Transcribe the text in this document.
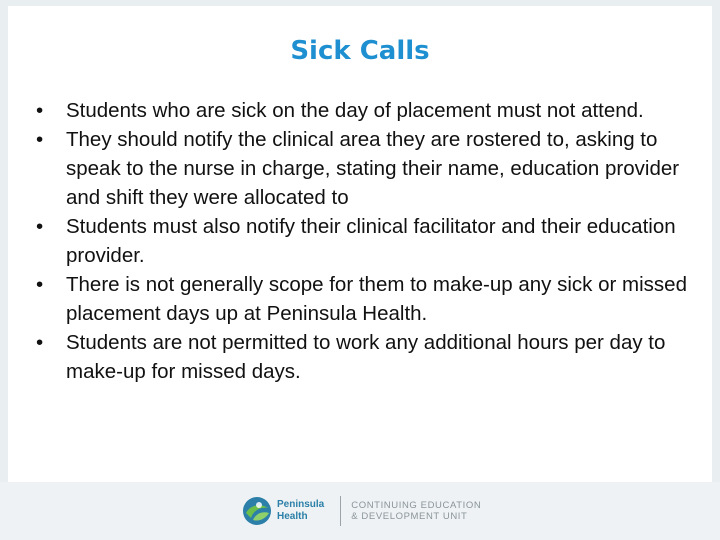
Sick Calls
•	Students who are sick on the day of placement must not attend.
•	They should notify the clinical area they are rostered to, asking to speak to the nurse in charge, stating their name, education provider and shift they were allocated to
•	Students must also notify their clinical facilitator and their education provider.
•	There is not generally scope for them to make-up any sick or missed placement days up at Peninsula Health.
•	Students are not permitted to work any additional hours per day to make-up for missed days.
Peninsula
Health
CONTINUING EDUCATION
& DEVELOPMENT UNIT
